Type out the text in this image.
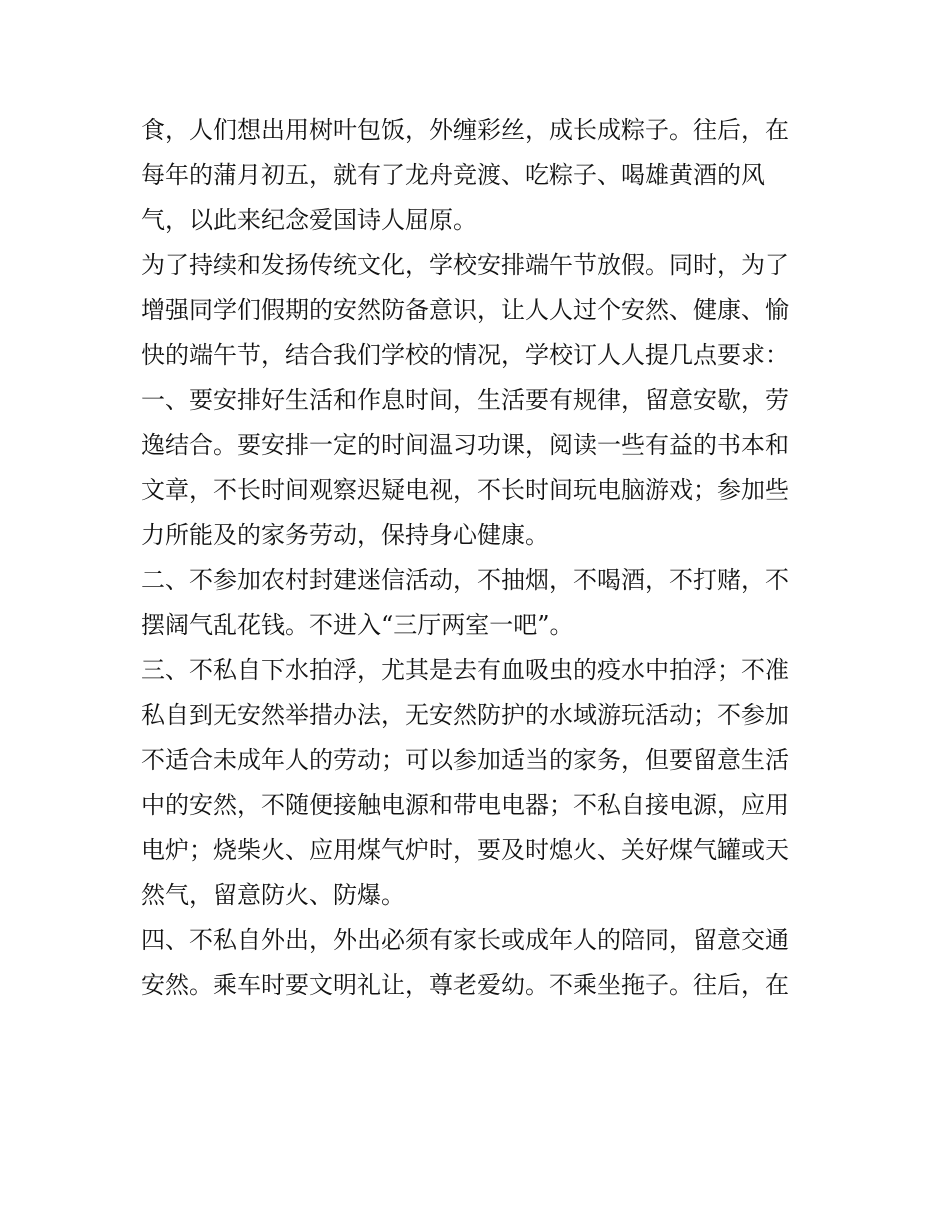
食，人们想出用树叶包饭，外缠彩丝，成长成粽子。往后，在
每年的蒲月初五，就有了龙舟竞渡、吃粽子、喝雄黄酒的风
气，以此来纪念爱国诗人屈原。
为了持续和发扬传统文化，学校安排端午节放假。同时，为了
增强同学们假期的安然防备意识，让人人过个安然、健康、愉
快的端午节，结合我们学校的情况，学校订人人提几点要求：
一、要安排好生活和作息时间，生活要有规律，留意安歇，劳
逸结合。要安排一定的时间温习功课，阅读一些有益的书本和
文章，不长时间观察迟疑电视，不长时间玩电脑游戏；参加些
力所能及的家务劳动，保持身心健康。
二、不参加农村封建迷信活动，不抽烟，不喝酒，不打赌，不
摆阔气乱花钱。不进入“三厅两室一吧”。
三、不私自下水拍浮，尤其是去有血吸虫的疫水中拍浮；不准
私自到无安然举措办法，无安然防护的水域游玩活动；不参加
不适合未成年人的劳动；可以参加适当的家务，但要留意生活
中的安然，不随便接触电源和带电电器；不私自接电源，应用
电炉；烧柴火、应用煤气炉时，要及时熄火、关好煤气罐或天
然气，留意防火、防爆。
四、不私自外出，外出必须有家长或成年人的陪同，留意交通
安然。乘车时要文明礼让，尊老爱幼。不乘坐拖子。往后，在
